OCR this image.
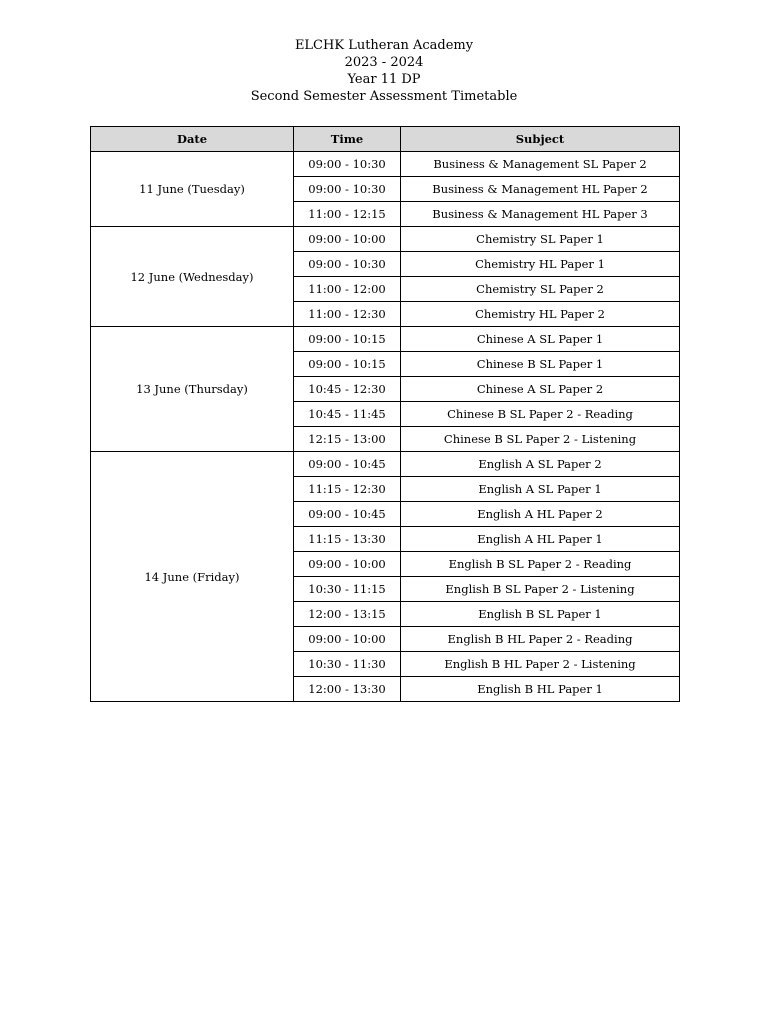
ELCHK Lutheran Academy
2023 - 2024
Year 11 DP
Second Semester Assessment Timetable
Date	Time	Subject
11 June (Tuesday)	09:00 - 10:30	Business & Management SL Paper 2
	09:00 - 10:30	Business & Management HL Paper 2
	11:00 - 12:15	Business & Management HL Paper 3
12 June (Wednesday)	09:00 - 10:00	Chemistry SL Paper 1
	09:00 - 10:30	Chemistry HL Paper 1
	11:00 - 12:00	Chemistry SL Paper 2
	11:00 - 12:30	Chemistry HL Paper 2
13 June (Thursday)	09:00 - 10:15	Chinese A SL Paper 1
	09:00 - 10:15	Chinese B SL Paper 1
	10:45 - 12:30	Chinese A SL Paper 2
	10:45 - 11:45	Chinese B SL Paper 2 - Reading
	12:15 - 13:00	Chinese B SL Paper 2 - Listening
14 June (Friday)	09:00 - 10:45	English A SL Paper 2
	11:15 - 12:30	English A SL Paper 1
	09:00 - 10:45	English A HL Paper 2
	11:15 - 13:30	English A HL Paper 1
	09:00 - 10:00	English B SL Paper 2 - Reading
	10:30 - 11:15	English B SL Paper 2 - Listening
	12:00 - 13:15	English B SL Paper 1
	09:00 - 10:00	English B HL Paper 2 - Reading
	10:30 - 11:30	English B HL Paper 2 - Listening
	12:00 - 13:30	English B HL Paper 1
